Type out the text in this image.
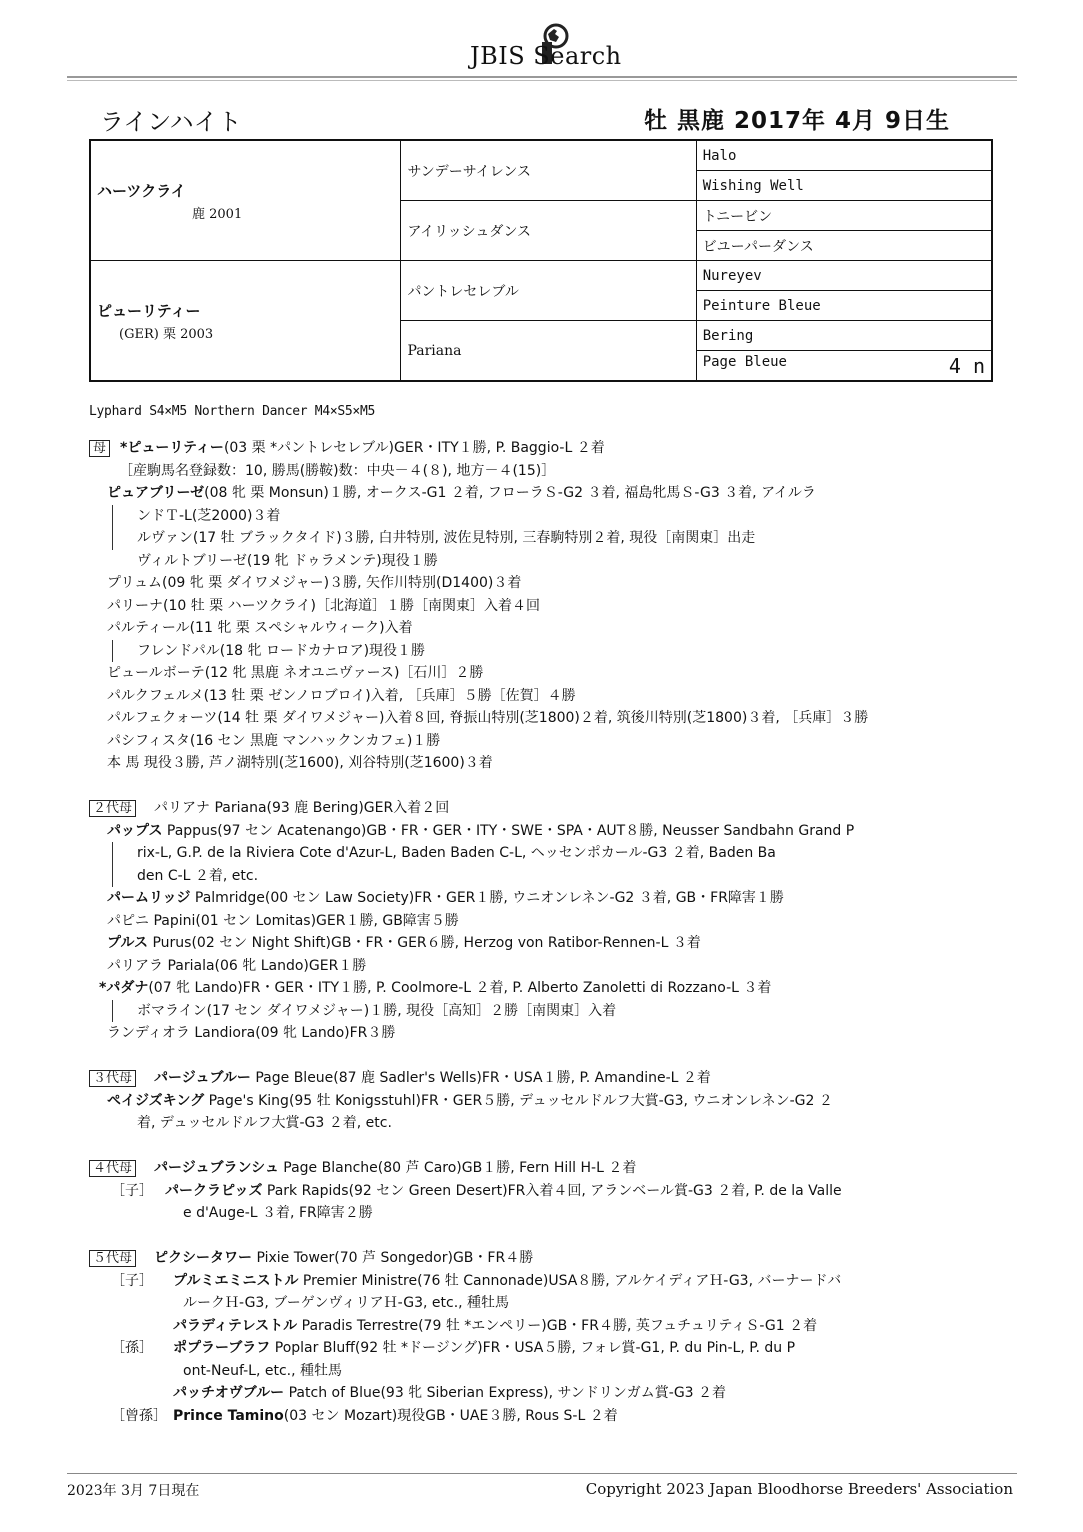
JBIS Search
ラインハイト	牡 黒鹿 2017年 4月 9日生
ハーツクライ
鹿 2001	サンデーサイレンス	Halo
		Wishing Well
	アイリッシュダンス	トニービン
		ビユーパーダンス

ピューリティー
(GER) 栗 2003	パントレセレブル	Nureyev
		Peinture Bleue
	Pariana	Bering
		Page Bleue 4 n
Lyphard S4×M5 Northern Dancer M4×S5×M5
母 *ピューリティー(03 栗 *パントレセレブル)GER・ITY１勝, P. Baggio-L ２着
［産駒馬名登録数：10, 勝馬(勝鞍)数：中央－４(８), 地方－４(15)］
ピュアブリーゼ(08 牝 栗 Monsun)１勝, オークス-G1 ２着, フローラＳ-G2 ３着, 福島牝馬Ｓ-G3 ３着, アイルラ
ンドＴ-L(芝2000)３着
ルヴァン(17 牡 ブラックタイド)３勝, 白井特別, 波佐見特別, 三春駒特別２着, 現役［南関東］出走
ヴィルトブリーゼ(19 牝 ドゥラメンテ)現役１勝
プリュム(09 牝 栗 ダイワメジャー)３勝, 矢作川特別(D1400)３着
パリーナ(10 牡 栗 ハーツクライ)［北海道］１勝［南関東］入着４回
パルティール(11 牝 栗 スペシャルウィーク)入着
フレンドパル(18 牝 ロードカナロア)現役１勝
ピュールボーテ(12 牝 黒鹿 ネオユニヴァース)［石川］２勝
パルクフェルメ(13 牡 栗 ゼンノロブロイ)入着, ［兵庫］５勝［佐賀］４勝
パルフェクォーツ(14 牡 栗 ダイワメジャー)入着８回, 脊振山特別(芝1800)２着, 筑後川特別(芝1800)３着, ［兵庫］３勝
パシフィスタ(16 セン 黒鹿 マンハックンカフェ)１勝
本 馬 現役３勝, 芦ノ湖特別(芝1600), 刈谷特別(芝1600)３着
２代母 パリアナ Pariana(93 鹿 Bering)GER入着２回
パップス Pappus(97 セン Acatenango)GB・FR・GER・ITY・SWE・SPA・AUT８勝, Neusser Sandbahn Grand P
rix-L, G.P. de la Riviera Cote d'Azur-L, Baden Baden C-L, ヘッセンポカール-G3 ２着, Baden Ba
den C-L ２着, etc.
パームリッジ Palmridge(00 セン Law Society)FR・GER１勝, ウニオンレネン-G2 ３着, GB・FR障害１勝
パピニ Papini(01 セン Lomitas)GER１勝, GB障害５勝
プルス Purus(02 セン Night Shift)GB・FR・GER６勝, Herzog von Ratibor-Rennen-L ３着
パリアラ Pariala(06 牝 Lando)GER１勝
*パダナ(07 牝 Lando)FR・GER・ITY１勝, P. Coolmore-L ２着, P. Alberto Zanoletti di Rozzano-L ３着
ボマライン(17 セン ダイワメジャー)１勝, 現役［高知］２勝［南関東］入着
ランディオラ Landiora(09 牝 Lando)FR３勝
３代母 パージュブルー Page Bleue(87 鹿 Sadler's Wells)FR・USA１勝, P. Amandine-L ２着
ペイジズキング Page's King(95 牡 Konigsstuhl)FR・GER５勝, デュッセルドルフ大賞-G3, ウニオンレネン-G2 ２
着, デュッセルドルフ大賞-G3 ２着, etc.
４代母 パージュブランシュ Page Blanche(80 芦 Caro)GB１勝, Fern Hill H-L ２着
［子］ パークラピッズ Park Rapids(92 セン Green Desert)FR入着４回, アランベール賞-G3 ２着, P. de la Valle
e d'Auge-L ３着, FR障害２勝
５代母 ピクシータワー Pixie Tower(70 芦 Songedor)GB・FR４勝
［子］ プルミエミニストル Premier Ministre(76 牡 Cannonade)USA８勝, アルケイディアＨ-G3, バーナードバ
ルークＨ-G3, ブーゲンヴィリアＨ-G3, etc., 種牡馬
パラディテレストル Paradis Terrestre(79 牡 *エンペリー)GB・FR４勝, 英フュチュリティＳ-G1 ２着
［孫］ ポプラーブラフ Poplar Bluff(92 牡 *ドージング)FR・USA５勝, フォレ賞-G1, P. du Pin-L, P. du P
ont-Neuf-L, etc., 種牡馬
パッチオヴブルー Patch of Blue(93 牝 Siberian Express), サンドリンガム賞-G3 ２着
［曾孫］ Prince Tamino(03 セン Mozart)現役GB・UAE３勝, Rous S-L ２着
2023年 3月 7日現在	Copyright 2023 Japan Bloodhorse Breeders' Association
